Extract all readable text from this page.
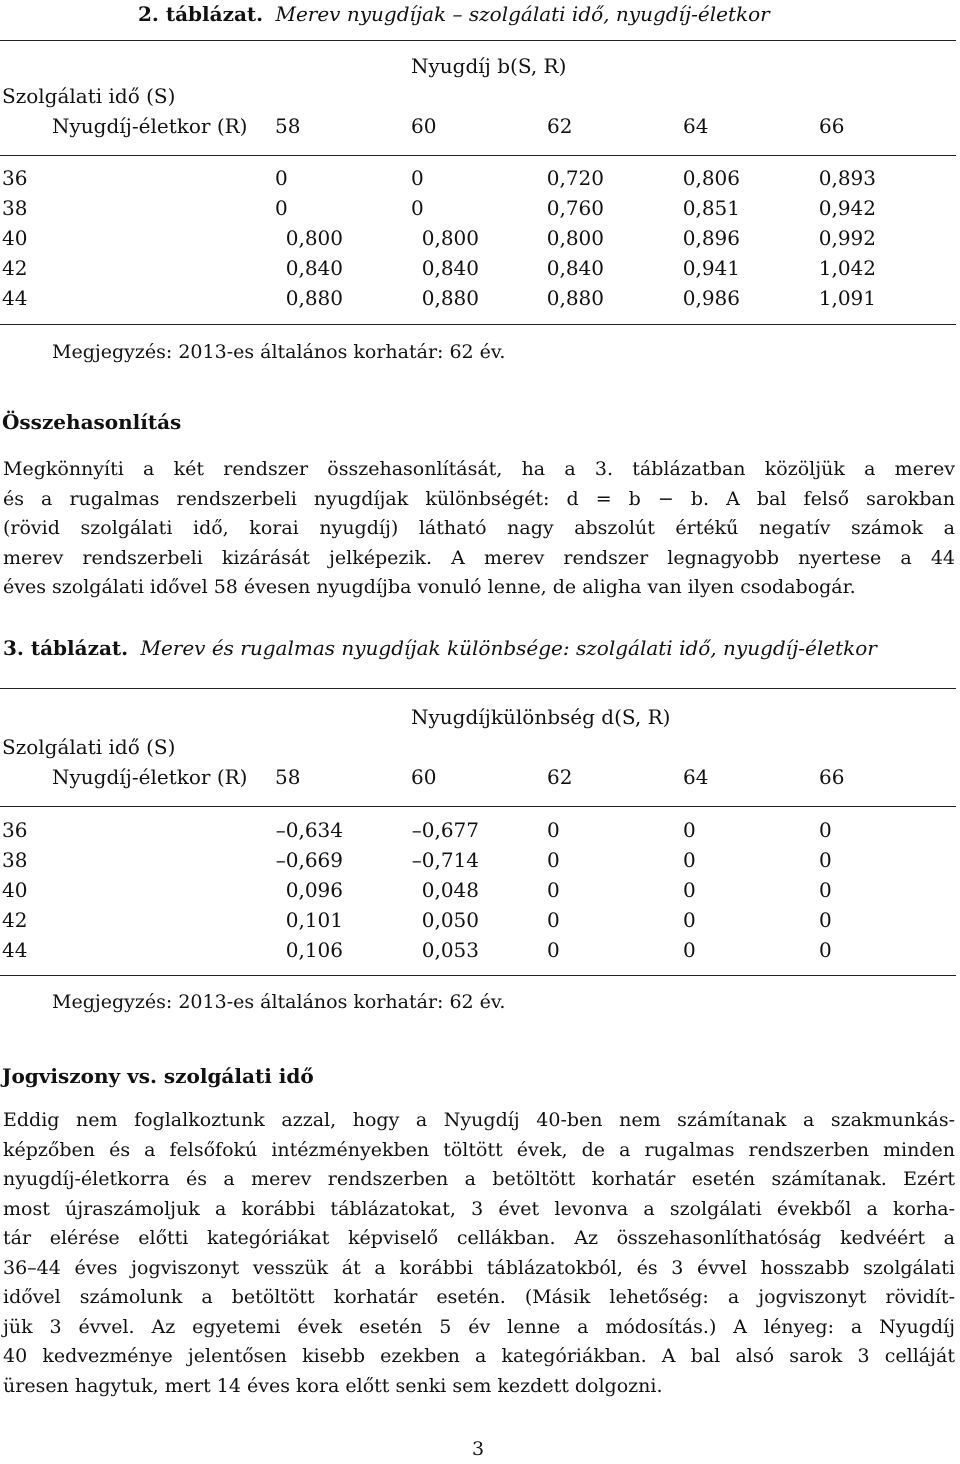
2. táblázat. Merev nyugdíjak – szolgálati idő, nyugdíj-életkor
Nyugdíj b(S, R)
Szolgálati idő (S)
Nyugdíj-életkor (R) 58	60	62	64	66
36	0	0	0,720	0,806	0,893
38	0	0	0,760	0,851	0,942
40	0,800	0,800	0,800	0,896	0,992
42	0,840	0,840	0,840	0,941	1,042
44	0,880	0,880	0,880	0,986	1,091
Megjegyzés: 2013-es általános korhatár: 62 év.
Összehasonlítás
Megkönnyíti a két rendszer összehasonlítását, ha a 3. táblázatban közöljük a merev
és a rugalmas rendszerbeli nyugdíjak különbségét: d = b − b. A bal felső sarokban
(rövid szolgálati idő, korai nyugdíj) látható nagy abszolút értékű negatív számok a
merev rendszerbeli kizárását jelképezik. A merev rendszer legnagyobb nyertese a 44
éves szolgálati idővel 58 évesen nyugdíjba vonuló lenne, de aligha van ilyen csodabogár.
3. táblázat. Merev és rugalmas nyugdíjak különbsége: szolgálati idő, nyugdíj-életkor
Nyugdíjkülönbség d(S, R)
Szolgálati idő (S)
Nyugdíj-életkor (R) 58	60	62	64	66
36	–0,634	–0,677	0	0	0
38	–0,669	–0,714	0	0	0
40	0,096	0,048	0	0	0
42	0,101	0,050	0	0	0
44	0,106	0,053	0	0	0
Megjegyzés: 2013-es általános korhatár: 62 év.
Jogviszony vs. szolgálati idő
Eddig nem foglalkoztunk azzal, hogy a Nyugdíj 40-ben nem számítanak a szakmunkás-
képzőben és a felsőfokú intézményekben töltött évek, de a rugalmas rendszerben minden
nyugdíj-életkorra és a merev rendszerben a betöltött korhatár esetén számítanak. Ezért
most újraszámoljuk a korábbi táblázatokat, 3 évet levonva a szolgálati évekből a korha-
tár elérése előtti kategóriákat képviselő cellákban. Az összehasonlíthatóság kedvéért a
36–44 éves jogviszonyt vesszük át a korábbi táblázatokból, és 3 évvel hosszabb szolgálati
idővel számolunk a betöltött korhatár esetén. (Másik lehetőség: a jogviszonyt rövidít-
jük 3 évvel. Az egyetemi évek esetén 5 év lenne a módosítás.) A lényeg: a Nyugdíj
40 kedvezménye jelentősen kisebb ezekben a kategóriákban. A bal alsó sarok 3 celláját
üresen hagytuk, mert 14 éves kora előtt senki sem kezdett dolgozni.
3
